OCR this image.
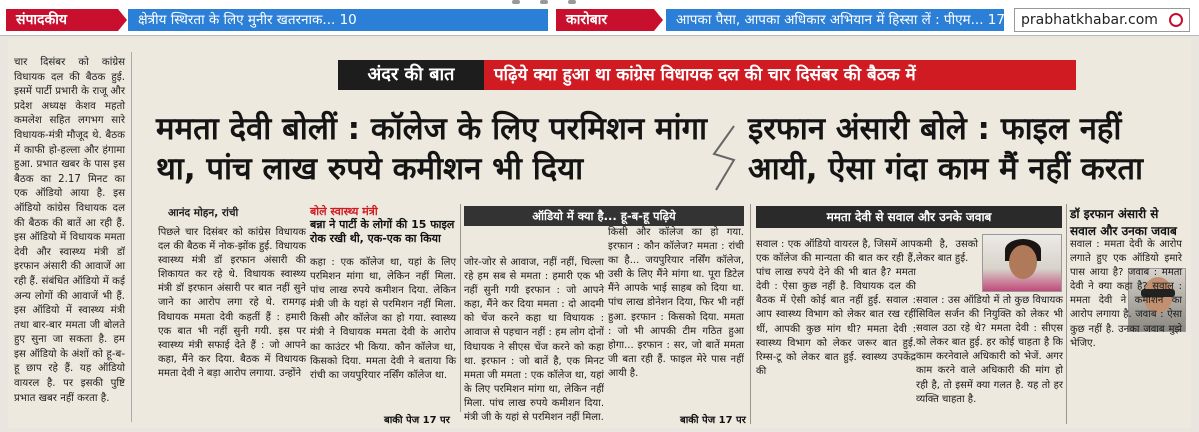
संपादकीय	क्षेत्रीय स्थिरता के लिए मुनीर खतरनाक... 10	कारोबार	आपका पैसा, आपका अधिकार अभियान में हिस्सा लें : पीएम... 17	prabhatkhabar.com
चार दिसंबर को कांग्रेस विधायक दल की बैठक हुई. इसमें पार्टी प्रभारी के राजू और प्रदेश अध्यक्ष केशव महतो कमलेश सहित लगभग सारे विधायक-मंत्री मौजूद थे. बैठक में काफी हो-हल्ला और हंगामा हुआ. प्रभात खबर के पास इस बैठक का 2.17 मिनट का एक ऑडियो आया है. इस ऑडियो कांग्रेस विधायक दल की बैठक की बातें आ रही हैं. इस ऑडियो में विधायक ममता देवी और स्वास्थ्य मंत्री डॉ इरफान अंसारी की आवाजें आ रही हैं. संबंधित ऑडियो में कई अन्य लोगों की आवाजें भी हैं. इस ऑडियो में स्वास्थ्य मंत्री तथा बार-बार ममता जी बोलते हुए सुना जा सकता है. हम इस ऑडियो के अंशों को हू-ब-हू छाप रहे हैं. यह ऑडियो वायरल है. पर इसकी पुष्टि प्रभात खबर नहीं करता है.
अंदर की बात	पढ़िये क्या हुआ था कांग्रेस विधायक दल की चार दिसंबर की बैठक में
ममता देवी बोलीं : कॉलेज के लिए परमिशन मांगा था, पांच लाख रुपये कमीशन भी दिया
इरफान अंसारी बोले : फाइल नहीं आयी, ऐसा गंदा काम मैं नहीं करता
आनंद मोहन, रांची
पिछले चार दिसंबर को कांग्रेस विधायक दल की बैठक में नोक-झोंक हुई. विधायक स्वास्थ्य मंत्री डॉ इरफान अंसारी की शिकायत कर रहे थे. विधायक स्वास्थ्य मंत्री डॉ इरफान अंसारी पर बात नहीं सुने जाने का आरोप लगा रहे थे. रामगढ़ विधायक ममता देवी कहतीं हैं : हमारी एक बात भी नहीं सुनी गयी. इस पर स्वास्थ्य मंत्री सफाई देते हैं : जो आपने कहा, मैंने कर दिया. बैठक में विधायक ममता देवी ने बड़ा आरोप लगाया. उन्होंने
बोले स्वास्थ्य मंत्री
बन्ना ने पार्टी के लोगों की 15 फाइल रोक रखी थी, एक-एक का किया
कहा : एक कॉलेज था, यहां के लिए परमिशन मांगा था, लेकिन नहीं मिला. पांच लाख रुपये कमीशन दिया. लेकिन मंत्री जी के यहां से परमिशन नहीं मिला. किसी और कॉलेज का हो गया. स्वास्थ्य मंत्री ने विधायक ममता देवी के आरोप का काउंटर भी किया. कौन कॉलेज था, किसको दिया. ममता देवी ने बताया कि रांची का जयपुरियार नर्सिंग कॉलेज था.
बाकी पेज 17 पर
ऑडियो में क्या है... हू-ब-हू पढ़िये
जोर-जोर से आवाज, नहीं नहीं, चिल्ला रहे हम सब से ममता : हमारी एक भी नहीं सुनी गयी इरफान : जो आपने कहा, मैंने कर दिया ममता : दो आदमी को चेंज करने कहा था विधायक : आवाज से पहचान नहीं : हम लोग दोनों विधायक ने सीएस चेंज करने को कहा था. इरफान : जो बातें है, एक मिनट ममता जी ममता : एक कॉलेज था, यहां के लिए परमिशन मांगा था, लेकिन नहीं मिला. पांच लाख रुपये कमीशन दिया. मंत्री जी के यहां से परमिशन नहीं मिला.
किसी और कॉलेज का हो गया. इरफान : कौन कॉलेज? ममता : रांची का है... जयपुरियार नर्सिंग कॉलेज, उसी के लिए मैंने मांगा था. पूरा डिटेल मैंने आपके भाई साहब को दिया था. पांच लाख डोनेशन दिया, फिर भी नहीं हुआ. इरफान : किसको दिया. ममता : जो भी आपकी टीम गठित हुआ होगा... इरफान : सर, जो बातें ममता जी बता रही हैं. फाइल मेरे पास नहीं आयी है.
बाकी पेज 17 पर
ममता देवी से सवाल और उनके जवाब
सवाल : एक ऑडियो वायरल है, जिसमें आप एक कॉलेज की मान्यता की बात कर रही हैं, पांच लाख रुपये देने की भी बात है? ममता देवी : ऐसा कुछ नहीं है. विधायक दल की बैठक में ऐसी कोई बात नहीं हुई. सवाल : आप स्वास्थ्य विभाग को लेकर बात रख रहीं थीं, आपकी कुछ मांग थी? ममता देवी : स्वास्थ्य विभाग को लेकर जरूर बात हुई. रिम्स-टू को लेकर बात हुई. स्वास्थ्य उपकेंद्र की
कमी है, उसको लेकर बात हुई.
सवाल : उस ऑडियो में तो कुछ विधायक सिविल सर्जन की नियुक्ति को लेकर भी सवाल उठा रहे थे? ममता देवी : सीएस को लेकर बात हुई. हर कोई चाहता है कि काम करनेवाले अधिकारी को भेजें. अगर काम करने वाले अधिकारी की मांग हो रही है, तो इसमें क्या गलत है. यह तो हर व्यक्ति चाहता है.
डॉ इरफान अंसारी से सवाल और उनका जवाब
सवाल : ममता देवी के आरोप लगाते हुए एक ऑडियो इमारे पास आया है? जवाब : ममता देवी ने क्या कहा है? सवाल : ममता देवी ने कमीशन का आरोप लगाया है. जवाब : ऐसा कुछ नहीं है. उनका जवाब मुझे भेजिए.
